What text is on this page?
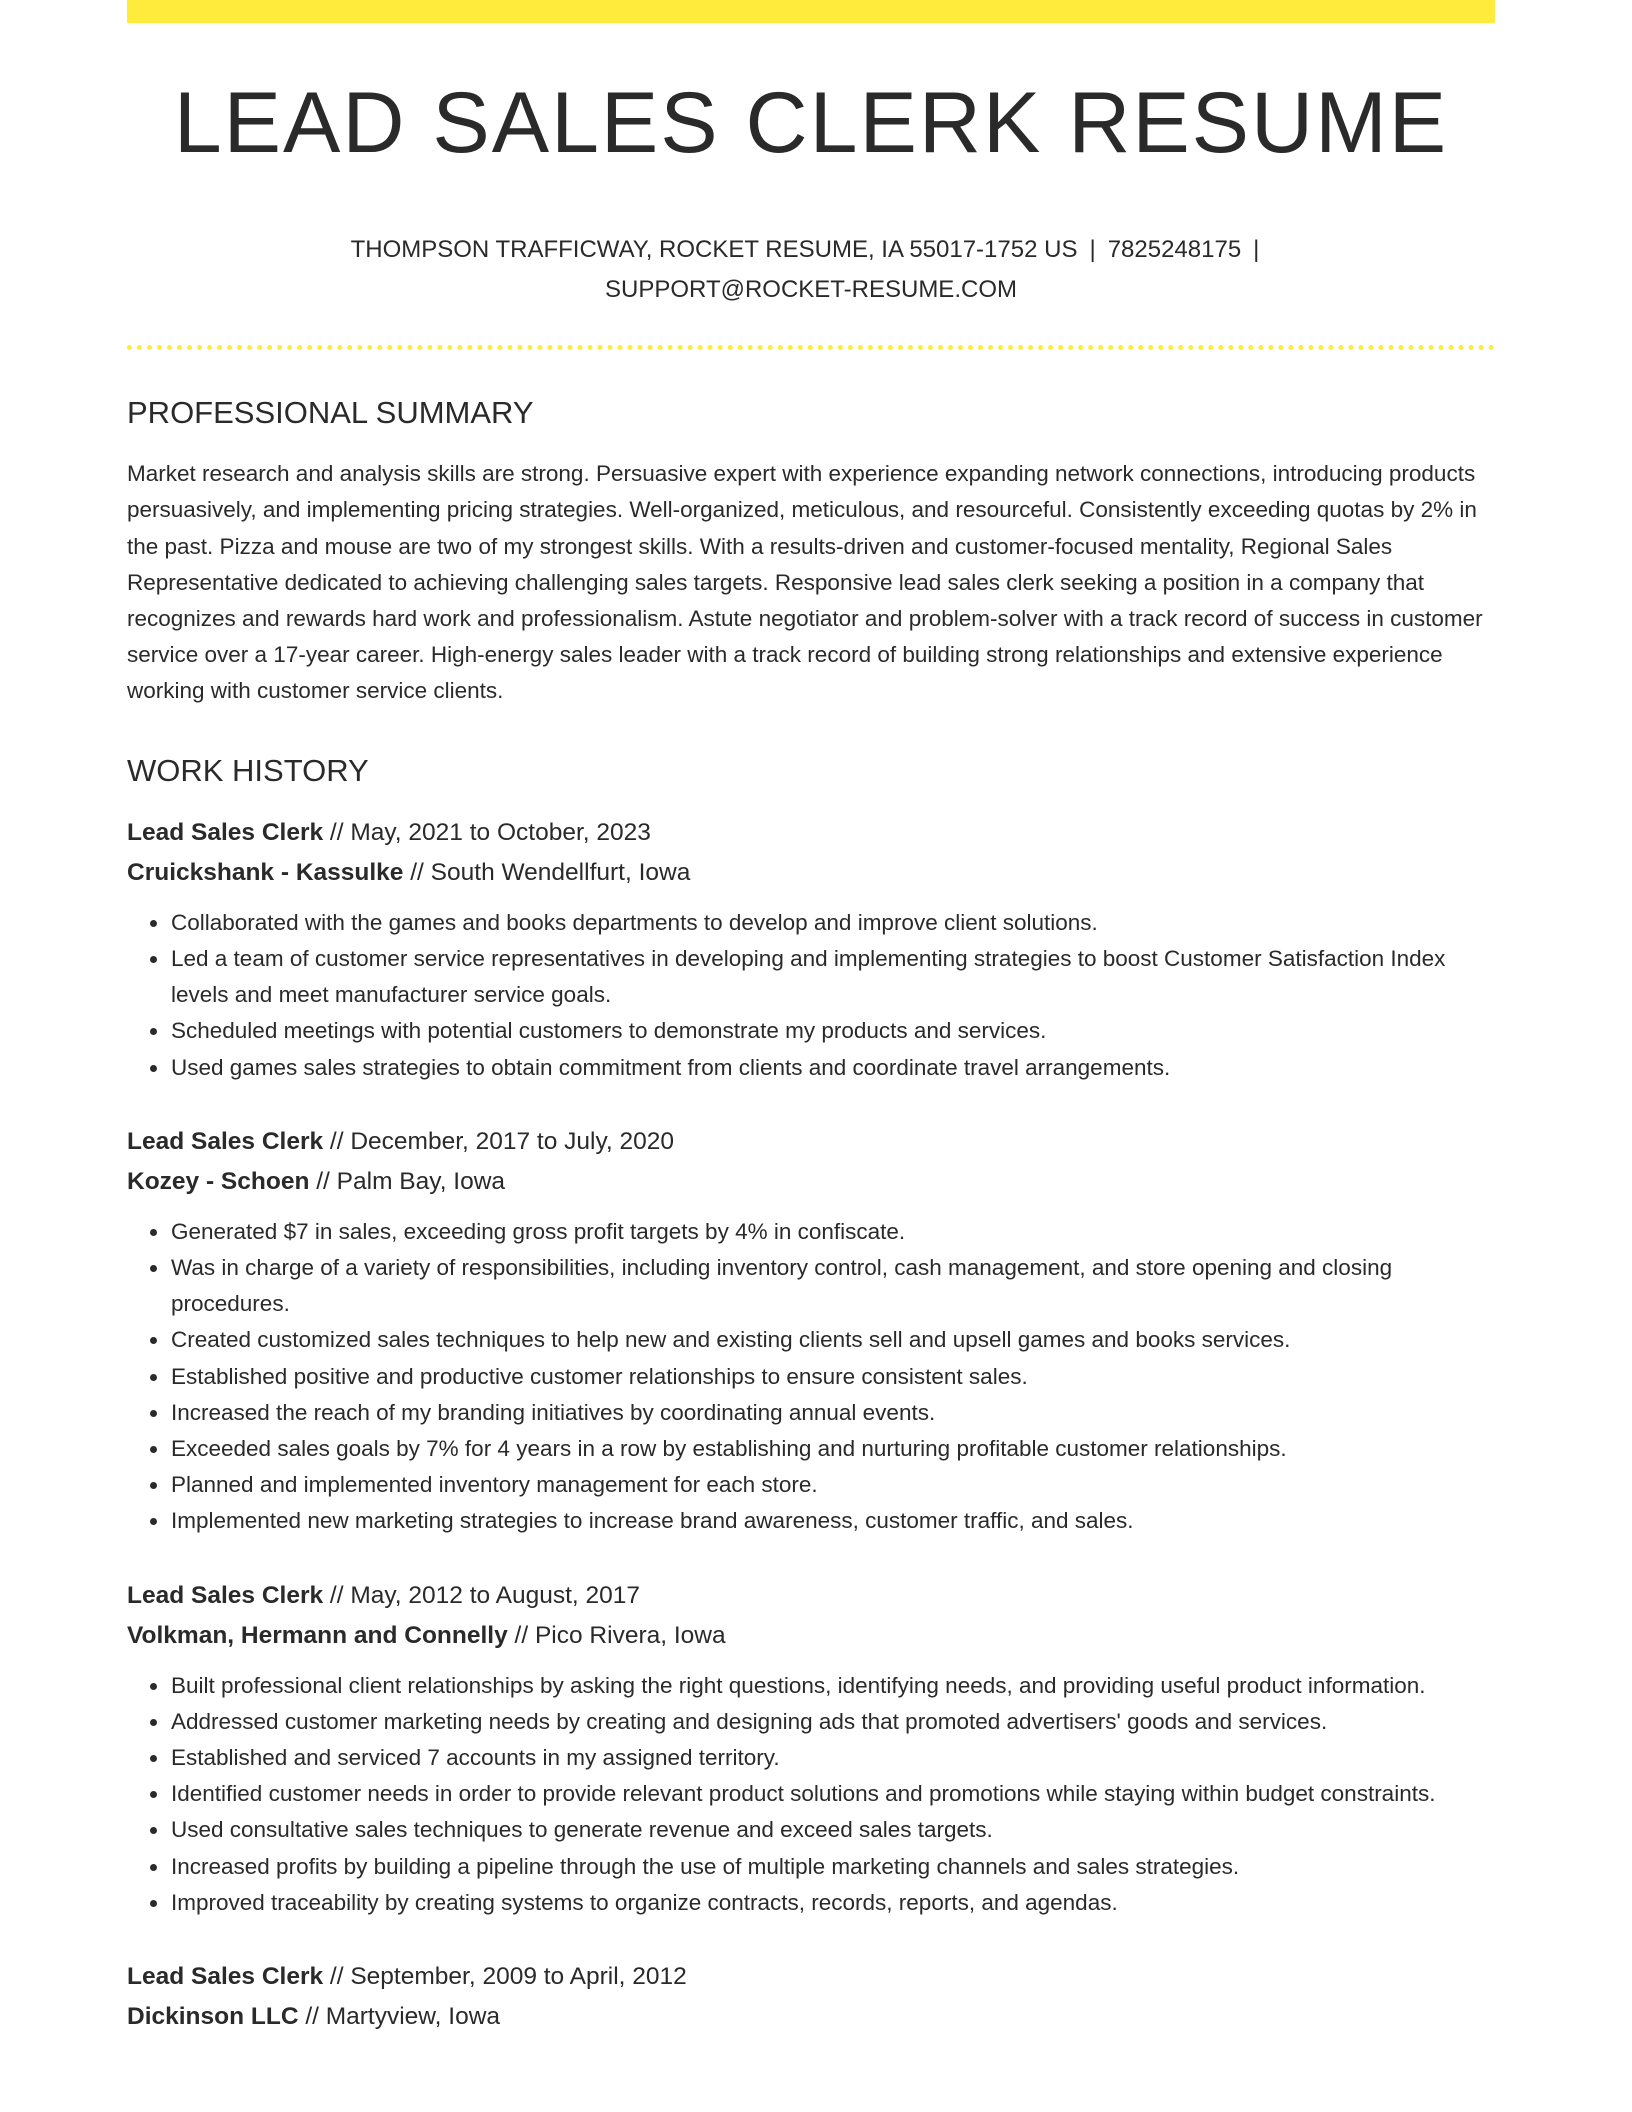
LEAD SALES CLERK RESUME
THOMPSON TRAFFICWAY, ROCKET RESUME, IA 55017-1752 US | 7825248175 |
SUPPORT@ROCKET-RESUME.COM
PROFESSIONAL SUMMARY

Market research and analysis skills are strong. Persuasive expert with experience expanding network connections, introducing products persuasively, and implementing pricing strategies. Well-organized, meticulous, and resourceful. Consistently exceeding quotas by 2% in the past. Pizza and mouse are two of my strongest skills. With a results-driven and customer-focused mentality, Regional Sales Representative dedicated to achieving challenging sales targets. Responsive lead sales clerk seeking a position in a company that recognizes and rewards hard work and professionalism. Astute negotiator and problem-solver with a track record of success in customer service over a 17-year career. High-energy sales leader with a track record of building strong relationships and extensive experience working with customer service clients.

WORK HISTORY
Lead Sales Clerk // May, 2021 to October, 2023
Cruickshank - Kassulke // South Wendellfurt, Iowa
• Collaborated with the games and books departments to develop and improve client solutions.
• Led a team of customer service representatives in developing and implementing strategies to boost Customer Satisfaction Index levels and meet manufacturer service goals.
• Scheduled meetings with potential customers to demonstrate my products and services.
• Used games sales strategies to obtain commitment from clients and coordinate travel arrangements.
Lead Sales Clerk // December, 2017 to July, 2020
Kozey - Schoen // Palm Bay, Iowa
• Generated $7 in sales, exceeding gross profit targets by 4% in confiscate.
• Was in charge of a variety of responsibilities, including inventory control, cash management, and store opening and closing procedures.
• Created customized sales techniques to help new and existing clients sell and upsell games and books services.
• Established positive and productive customer relationships to ensure consistent sales.
• Increased the reach of my branding initiatives by coordinating annual events.
• Exceeded sales goals by 7% for 4 years in a row by establishing and nurturing profitable customer relationships.
• Planned and implemented inventory management for each store.
• Implemented new marketing strategies to increase brand awareness, customer traffic, and sales.
Lead Sales Clerk // May, 2012 to August, 2017
Volkman, Hermann and Connelly // Pico Rivera, Iowa
• Built professional client relationships by asking the right questions, identifying needs, and providing useful product information.
• Addressed customer marketing needs by creating and designing ads that promoted advertisers' goods and services.
• Established and serviced 7 accounts in my assigned territory.
• Identified customer needs in order to provide relevant product solutions and promotions while staying within budget constraints.
• Used consultative sales techniques to generate revenue and exceed sales targets.
• Increased profits by building a pipeline through the use of multiple marketing channels and sales strategies.
• Improved traceability by creating systems to organize contracts, records, reports, and agendas.
Lead Sales Clerk // September, 2009 to April, 2012
Dickinson LLC // Martyview, Iowa
